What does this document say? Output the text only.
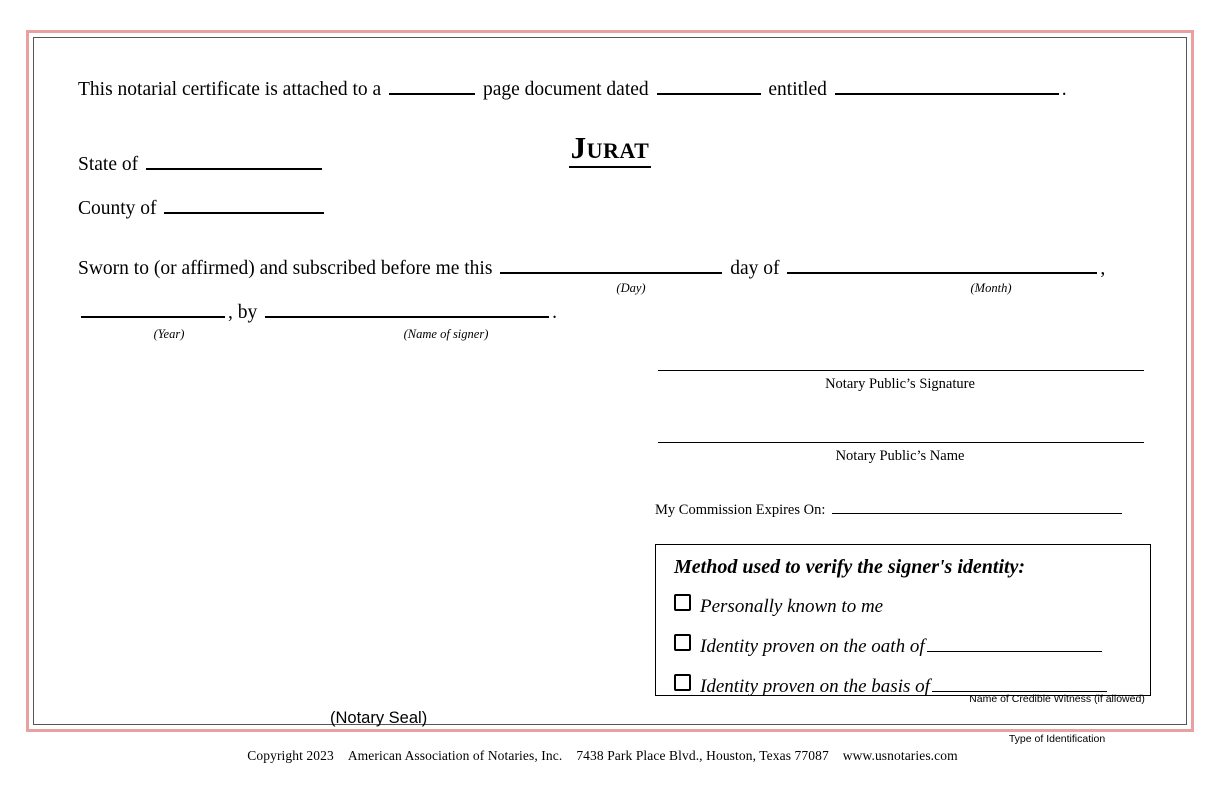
This notarial certificate is attached to a	page document dated	entitled	.
Jurat
State of
County of
Sworn to (or affirmed) and subscribed before me this	day of	,
(Day)	(Month)
, by	.
(Year)	(Name of signer)
Notary Public’s Signature
Notary Public’s Name
My Commission Expires On:
Method used to verify the signer's identity:
Personally known to me
Identity proven on the oath of
Name of Credible Witness (if allowed)
Identity proven on the basis of
Type of Identification
(Notary Seal)
Copyright 2023 American Association of Notaries, Inc. 7438 Park Place Blvd., Houston, Texas 77087 www.usnotaries.com
